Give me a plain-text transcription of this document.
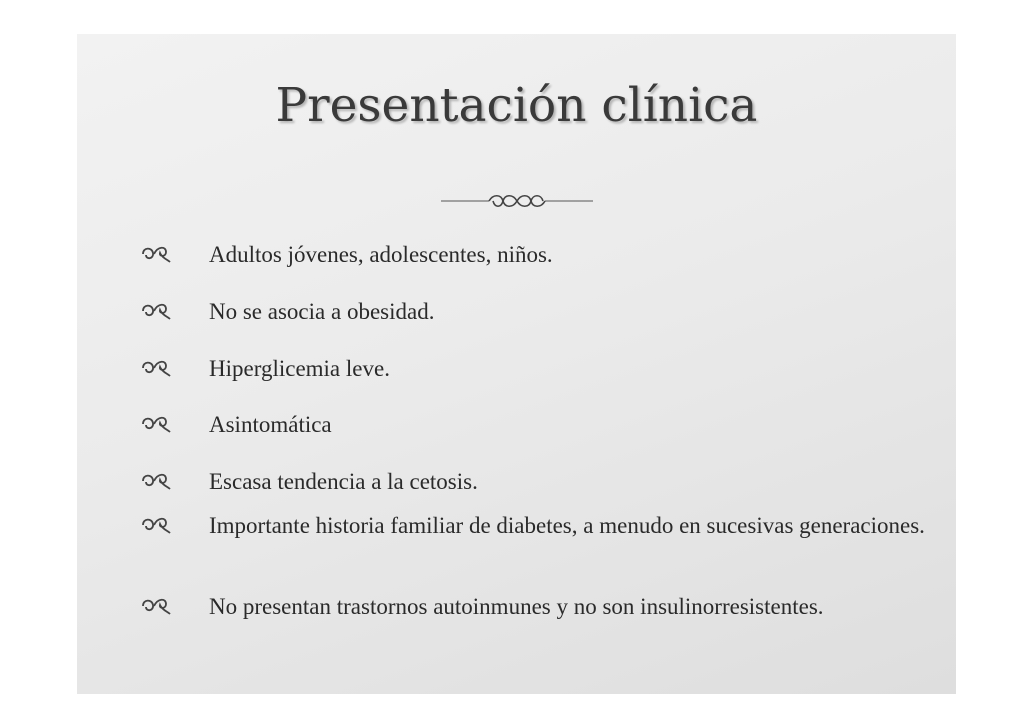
Presentación clínica
Adultos jóvenes, adolescentes, niños.
No se asocia a obesidad.
Hiperglicemia leve.
Asintomática
Escasa tendencia a la cetosis.
Importante historia familiar de diabetes, a menudo en sucesivas generaciones.
No presentan trastornos autoinmunes y no son insulinorresistentes.
